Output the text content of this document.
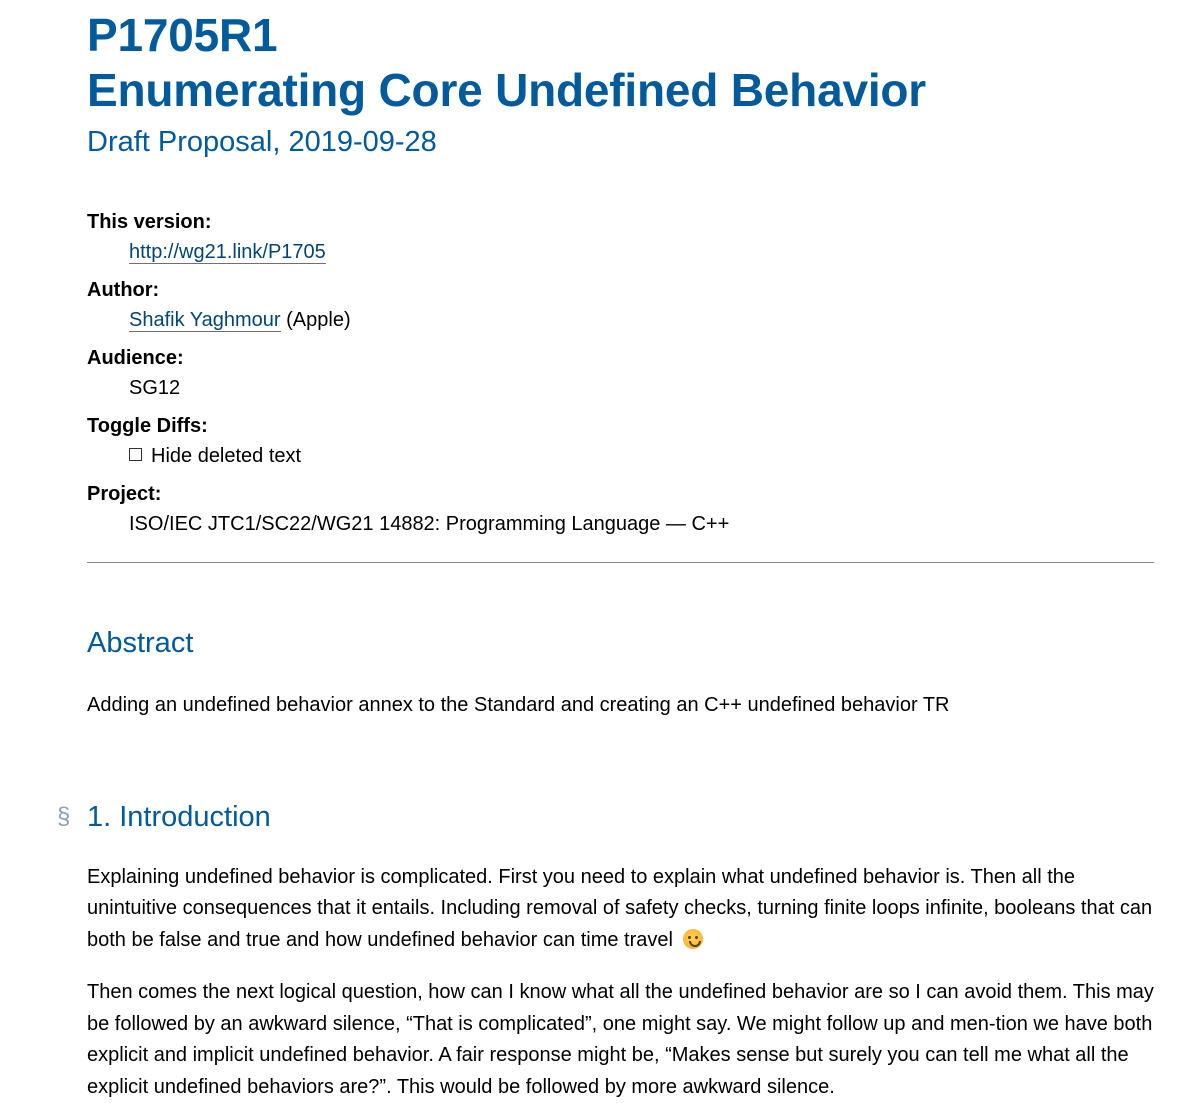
P1705R1
Enumerating Core Undefined Behavior
Draft Proposal, 2019-09-28
This version:
http://wg21.link/P1705
Author:
Shafik Yaghmour (Apple)
Audience:
SG12
Toggle Diffs:
Hide deleted text
Project:
ISO/IEC JTC1/SC22/WG21 14882: Programming Language — C++
Abstract

Adding an undefined behavior annex to the Standard and creating an C++ undefined behavior TR

§ 1. Introduction

Explaining undefined behavior is complicated. First you need to explain what undefined behavior is. Then all the unintuitive consequences that it entails. Including removal of safety checks, turning finite loops infinite, booleans that can both be false and true and how undefined behavior can time travel

Then comes the next logical question, how can I know what all the undefined behavior are so I can avoid them. This may be followed by an awkward silence, “That is complicated”, one might say. We might follow up and men-tion we have both explicit and implicit undefined behavior. A fair response might be, “Makes sense but surely you can tell me what all the explicit undefined behaviors are?”. This would be followed by more awkward silence.
